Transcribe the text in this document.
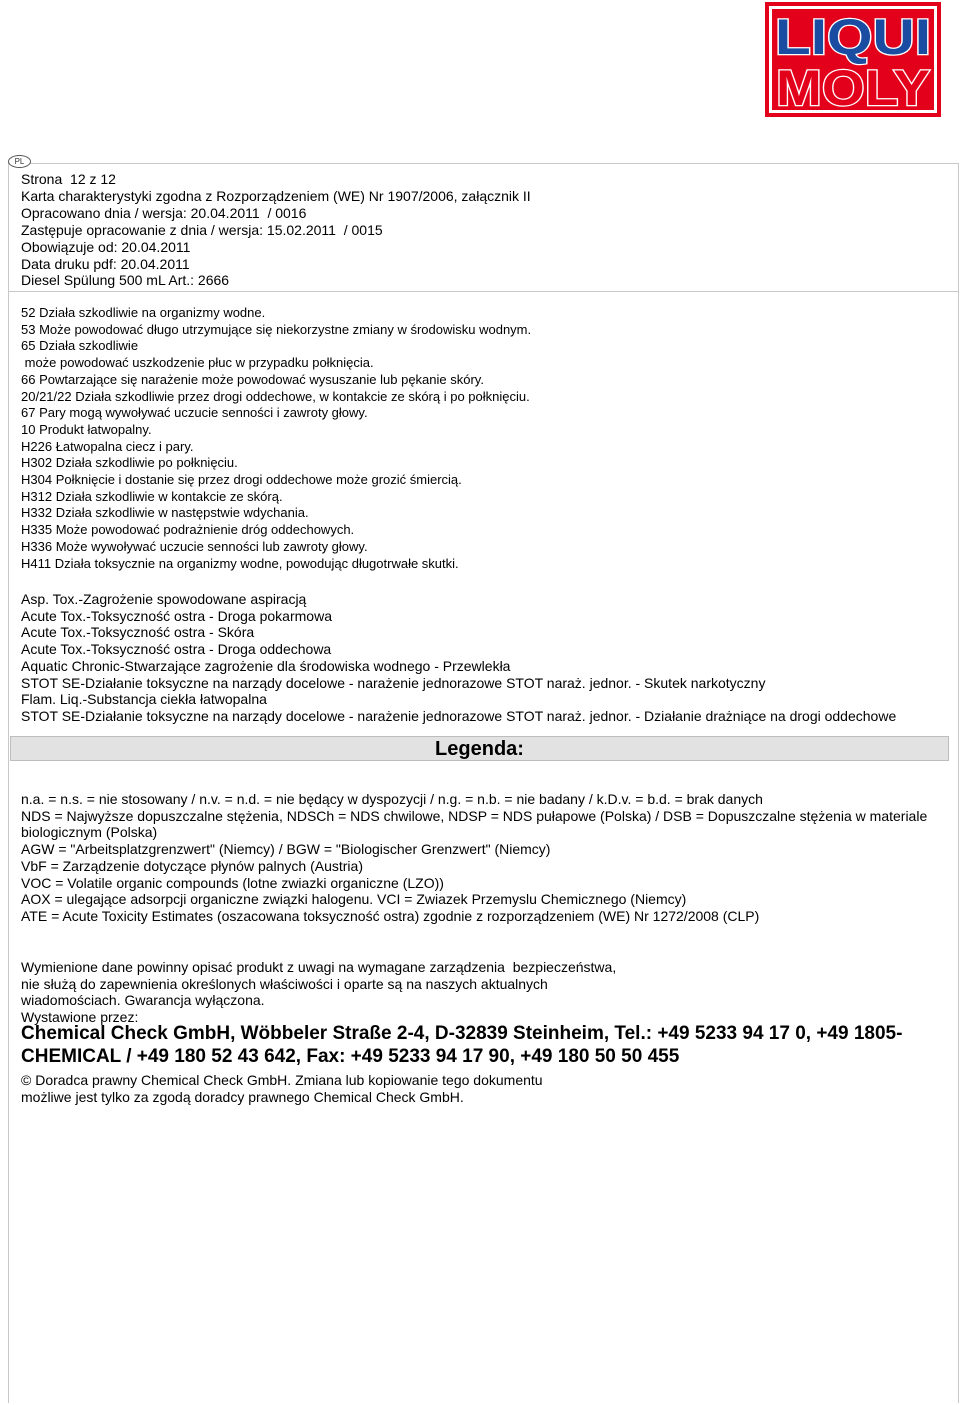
LIQUI
MOLY
PL
Strona  12 z 12
Karta charakterystyki zgodna z Rozporządzeniem (WE) Nr 1907/2006, załącznik II
Opracowano dnia / wersja: 20.04.2011  / 0016
Zastępuje opracowanie z dnia / wersja: 15.02.2011  / 0015
Obowiązuje od: 20.04.2011
Data druku pdf: 20.04.2011
Diesel Spülung 500 mL Art.: 2666
52 Działa szkodliwie na organizmy wodne.
53 Może powodować długo utrzymujące się niekorzystne zmiany w środowisku wodnym.
65 Działa szkodliwie
może powodować uszkodzenie płuc w przypadku połknięcia.
66 Powtarzające się narażenie może powodować wysuszanie lub pękanie skóry.
20/21/22 Działa szkodliwie przez drogi oddechowe, w kontakcie ze skórą i po połknięciu.
67 Pary mogą wywoływać uczucie senności i zawroty głowy.
10 Produkt łatwopalny.
H226 Łatwopalna ciecz i pary.
H302 Działa szkodliwie po połknięciu.
H304 Połknięcie i dostanie się przez drogi oddechowe może grozić śmiercią.
H312 Działa szkodliwie w kontakcie ze skórą.
H332 Działa szkodliwie w następstwie wdychania.
H335 Może powodować podrażnienie dróg oddechowych.
H336 Może wywoływać uczucie senności lub zawroty głowy.
H411 Działa toksycznie na organizmy wodne, powodując długotrwałe skutki.
Asp. Tox.-Zagrożenie spowodowane aspiracją
Acute Tox.-Toksyczność ostra - Droga pokarmowa
Acute Tox.-Toksyczność ostra - Skóra
Acute Tox.-Toksyczność ostra - Droga oddechowa
Aquatic Chronic-Stwarzające zagrożenie dla środowiska wodnego - Przewlekła
STOT SE-Działanie toksyczne na narządy docelowe - narażenie jednorazowe STOT naraż. jednor. - Skutek narkotyczny
Flam. Liq.-Substancja ciekła łatwopalna
STOT SE-Działanie toksyczne na narządy docelowe - narażenie jednorazowe STOT naraż. jednor. - Działanie drażniące na drogi oddechowe
Legenda:
n.a. = n.s. = nie stosowany / n.v. = n.d. = nie będący w dyspozycji / n.g. = n.b. = nie badany / k.D.v. = b.d. = brak danych
NDS = Najwyższe dopuszczalne stężenia, NDSCh = NDS chwilowe, NDSP = NDS pułapowe (Polska) / DSB = Dopuszczalne stężenia w materiale biologicznym (Polska)
AGW = "Arbeitsplatzgrenzwert" (Niemcy) / BGW = "Biologischer Grenzwert" (Niemcy)
VbF = Zarządzenie dotyczące płynów palnych (Austria)
VOC = Volatile organic compounds (lotne zwiazki organiczne (LZO))
AOX = ulegające adsorpcji organiczne związki halogenu. VCI = Zwiazek Przemyslu Chemicznego (Niemcy)
ATE = Acute Toxicity Estimates (oszacowana toksyczność ostra) zgodnie z rozporządzeniem (WE) Nr 1272/2008 (CLP)
Wymienione dane powinny opisać produkt z uwagi na wymagane zarządzenia  bezpieczeństwa,
nie służą do zapewnienia określonych właściwości i oparte są na naszych aktualnych
wiadomościach. Gwarancja wyłączona.
Wystawione przez:
Chemical Check GmbH, Wöbbeler Straße 2-4, D-32839 Steinheim, Tel.: +49 5233 94 17 0, +49 1805-CHEMICAL / +49 180 52 43 642, Fax: +49 5233 94 17 90, +49 180 50 50 455
© Doradca prawny Chemical Check GmbH. Zmiana lub kopiowanie tego dokumentu
możliwe jest tylko za zgodą doradcy prawnego Chemical Check GmbH.
